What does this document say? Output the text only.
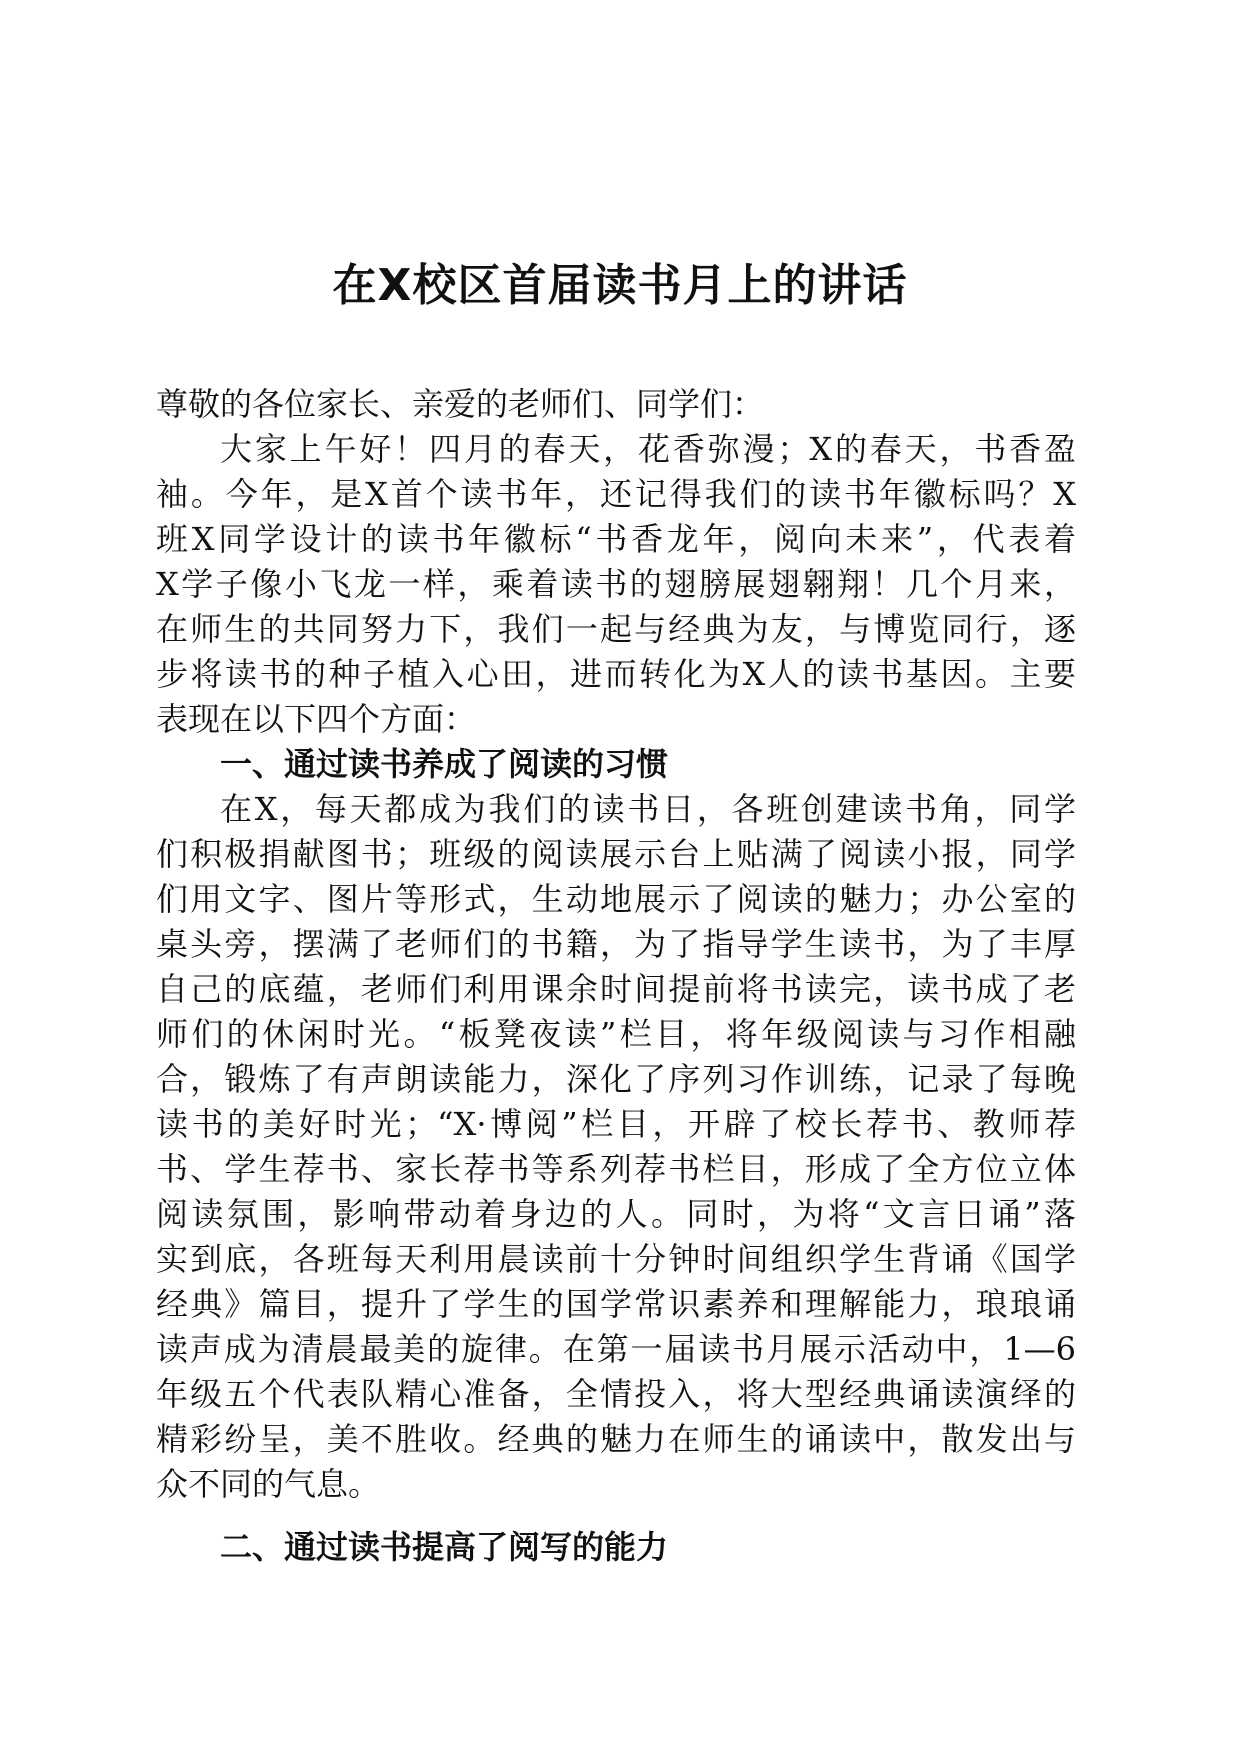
在X校区首届读书月上的讲话
尊敬的各位家长、亲爱的老师们、同学们：
大家上午好！四月的春天，花香弥漫；X的春天，书香盈
袖。今年，是X首个读书年，还记得我们的读书年徽标吗？X
班X同学设计的读书年徽标“书香龙年，阅向未来”，代表着
X学子像小飞龙一样，乘着读书的翅膀展翅翱翔！几个月来，
在师生的共同努力下，我们一起与经典为友，与博览同行，逐
步将读书的种子植入心田，进而转化为X人的读书基因。主要
表现在以下四个方面：
一、通过读书养成了阅读的习惯
在X，每天都成为我们的读书日，各班创建读书角，同学
们积极捐献图书；班级的阅读展示台上贴满了阅读小报，同学
们用文字、图片等形式，生动地展示了阅读的魅力；办公室的
桌头旁，摆满了老师们的书籍，为了指导学生读书，为了丰厚
自己的底蕴，老师们利用课余时间提前将书读完，读书成了老
师们的休闲时光。“板凳夜读”栏目，将年级阅读与习作相融
合，锻炼了有声朗读能力，深化了序列习作训练，记录了每晚
读书的美好时光；“X·博阅”栏目，开辟了校长荐书、教师荐
书、学生荐书、家长荐书等系列荐书栏目，形成了全方位立体
阅读氛围，影响带动着身边的人。同时，为将“文言日诵”落
实到底，各班每天利用晨读前十分钟时间组织学生背诵《国学
经典》篇目，提升了学生的国学常识素养和理解能力，琅琅诵
读声成为清晨最美的旋律。在第一届读书月展示活动中，1—6
年级五个代表队精心准备，全情投入，将大型经典诵读演绎的
精彩纷呈，美不胜收。经典的魅力在师生的诵读中，散发出与
众不同的气息。
二、通过读书提高了阅写的能力
